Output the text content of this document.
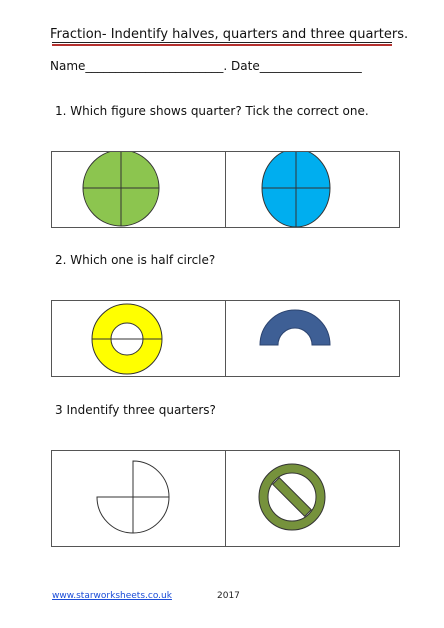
Fraction- Indentify halves, quarters and three quarters.
Name_______________________. Date_________________
1. Which figure shows quarter? Tick the correct one.
2. Which one is half circle?
3 Indentify three quarters?
www.starworksheets.co.uk	2017
